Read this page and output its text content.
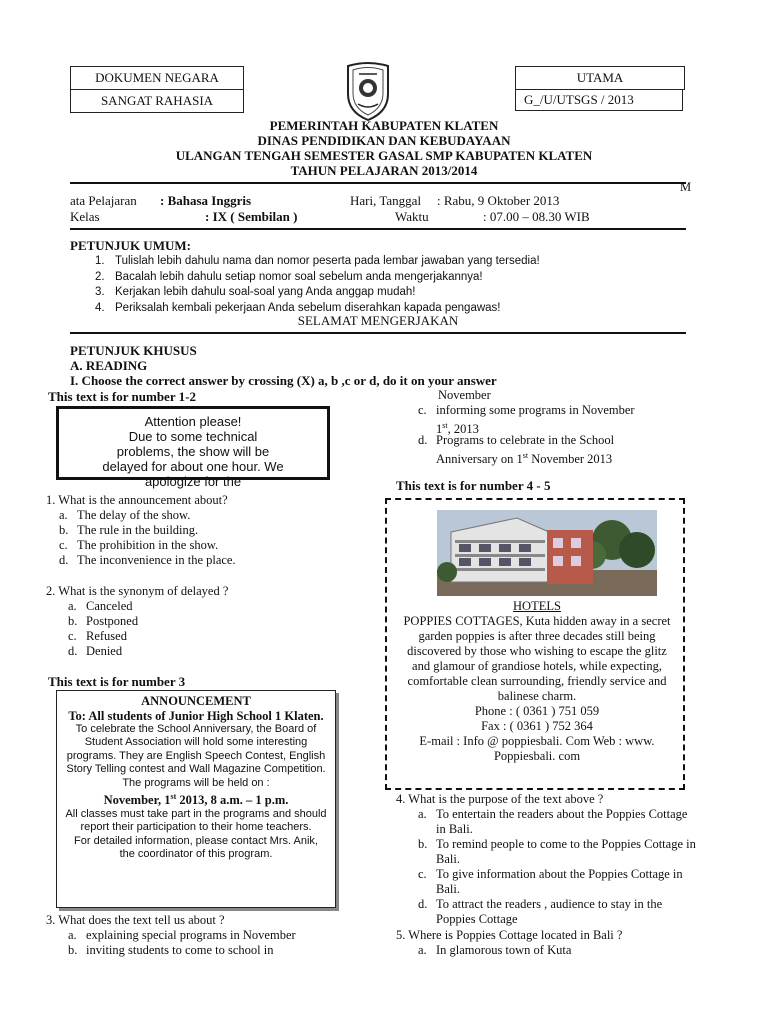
DOKUMEN NEGARA
SANGAT RAHASIA
UTAMA
G_/U/UTSGS / 2013
PEMERINTAH KABUPATEN KLATEN
DINAS PENDIDIKAN DAN KEBUDAYAAN
ULANGAN TENGAH SEMESTER GASAL SMP KABUPATEN KLATEN
TAHUN PELAJARAN 2013/2014
M
ata Pelajaran : Bahasa Inggris	Hari, Tanggal : Rabu, 9 Oktober 2013
Kelas	: IX ( Sembilan )	Waktu	: 07.00 – 08.30 WIB
PETUNJUK UMUM:
1. Tulislah lebih dahulu nama dan nomor peserta pada lembar jawaban yang tersedia!
2. Bacalah lebih dahulu setiap nomor soal sebelum anda mengerjakannya!
3. Kerjakan lebih dahulu soal-soal yang Anda anggap mudah!
4. Periksalah kembali pekerjaan Anda sebelum diserahkan kapada pengawas!
SELAMAT MENGERJAKAN
PETUNJUK KHUSUS
A. READING
I. Choose the correct answer by crossing (X) a, b ,c or d, do it on your answer
This text is for number 1-2
Attention please!
Due to some technical
problems, the show will be
delayed for about one hour. We
apologize for the
1. What is the announcement about?
a. The delay of the show.
b. The rule in the building.
c. The prohibition in the show.
d. The inconvenience in the place.
2. What is the synonym of delayed ?
a. Canceled
b. Postponed
c. Refused
d. Denied
This text is for number 3
ANNOUNCEMENT
To: All students of Junior High School 1 Klaten.
To celebrate the School Anniversary, the Board of Student Association will hold some interesting programs. They are English Speech Contest, English Story Telling contest and Wall Magazine Competition. The programs will be held on :
November, 1st 2013, 8 a.m. – 1 p.m.
All classes must take part in the programs and should report their participation to their home teachers.
For detailed information, please contact Mrs. Anik, the coordinator of this program.
3. What does the text tell us about ?
a. explaining special programs in November
b. inviting students to come to school in
November
c. informing some programs in November
1st, 2013
d. Programs to celebrate in the School
Anniversary on 1st November 2013
This text is for number 4 - 5
HOTELS
POPPIES COTTAGES, Kuta hidden away in a secret garden poppies is after three decades still being discovered by those who wishing to escape the glitz and glamour of grandiose hotels, while expecting, comfortable clean surrounding, friendly service and balinese charm.
Phone : ( 0361 ) 751 059
Fax : ( 0361 ) 752 364
E-mail : Info @ poppiesbali. Com Web : www.
Poppiesbali. com
4. What is the purpose of the text above ?
a. To entertain the readers about the Poppies Cottage in Bali.
b. To remind people to come to the Poppies Cottage in Bali.
c. To give information about the Poppies Cottage in Bali.
d. To attract the readers , audience to stay in the Poppies Cottage
5. Where is Poppies Cottage located in Bali ?
a. In glamorous town of Kuta
